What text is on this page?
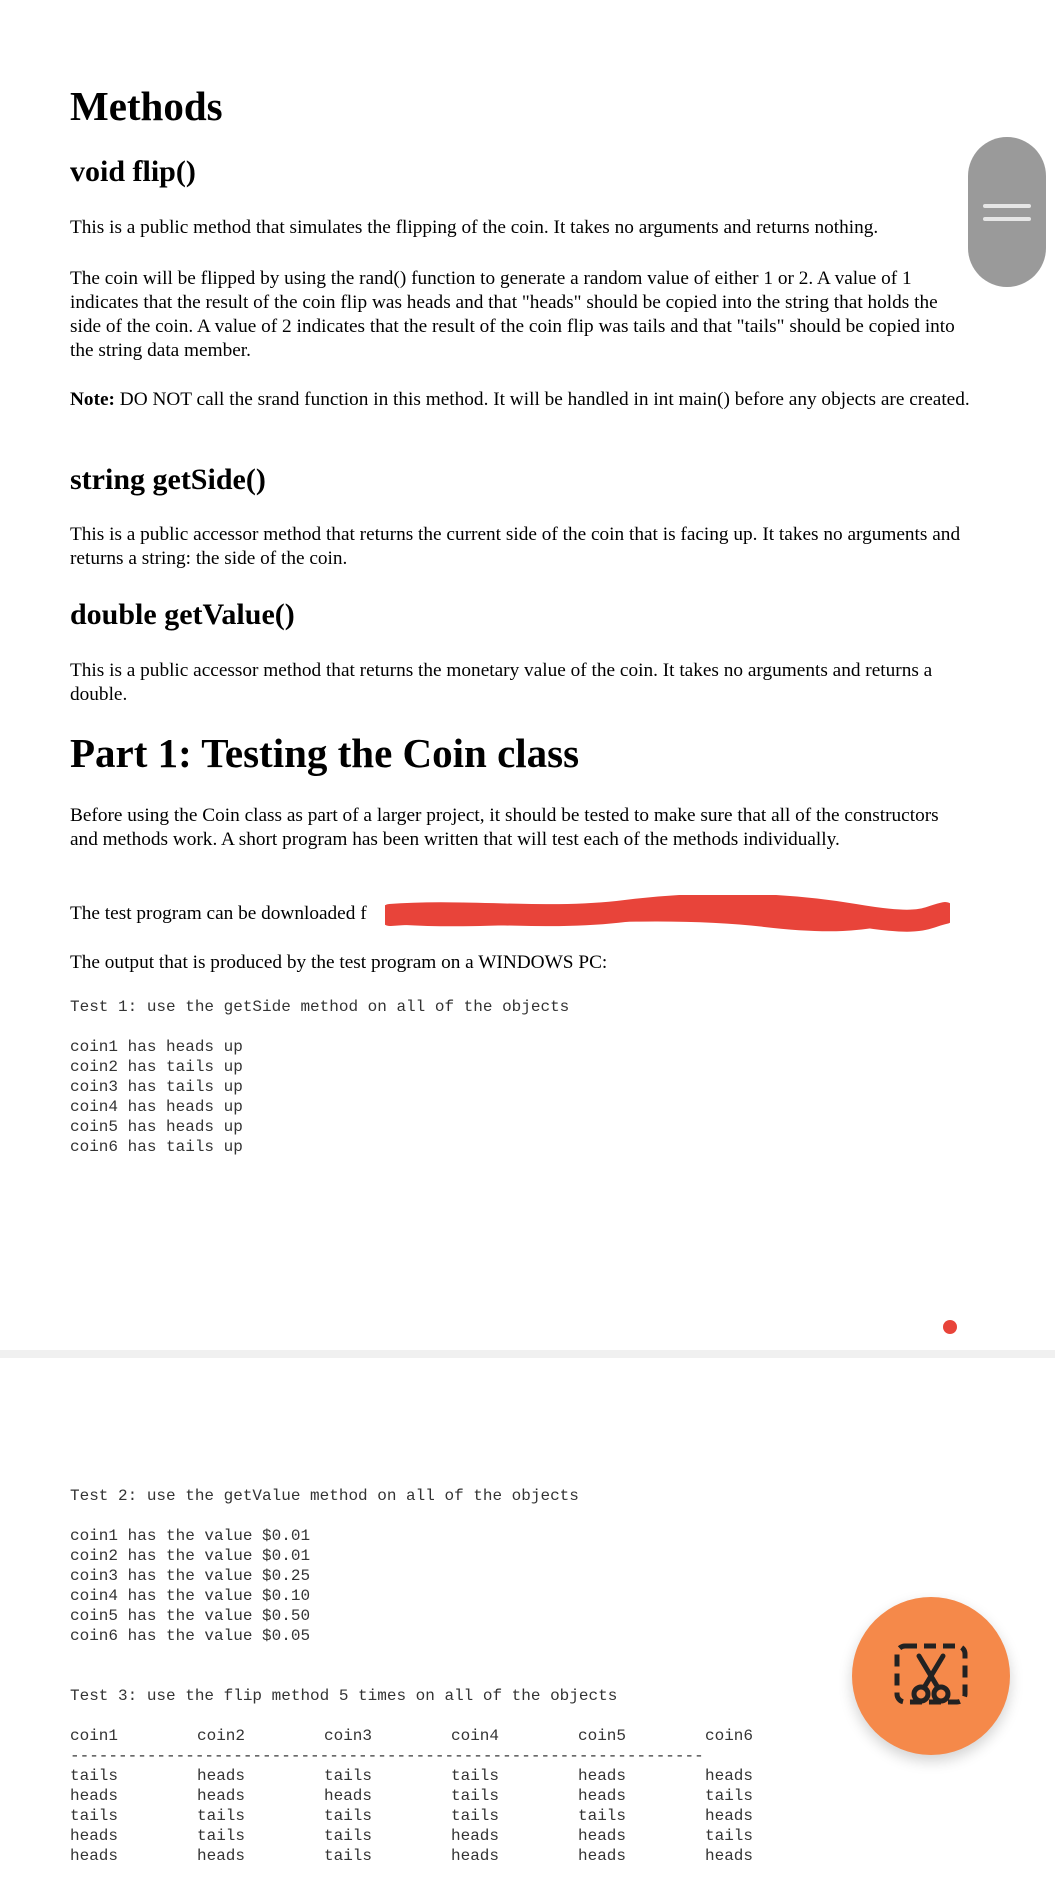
Methods
void flip()

This is a public method that simulates the flipping of the coin. It takes no arguments and returns nothing.

The coin will be flipped by using the rand() function to generate a random value of either 1 or 2. A value of 1 indicates that the result of the coin flip was heads and that "heads" should be copied into the string that holds the side of the coin. A value of 2 indicates that the result of the coin flip was tails and that "tails" should be copied into the string data member.

Note: DO NOT call the srand function in this method. It will be handled in int main() before any objects are created.

string getSide()

This is a public accessor method that returns the current side of the coin that is facing up. It takes no arguments and returns a string: the side of the coin.

double getValue()

This is a public accessor method that returns the monetary value of the coin. It takes no arguments and returns a double.

Part 1: Testing the Coin class

Before using the Coin class as part of a larger project, it should be tested to make sure that all of the constructors and methods work. A short program has been written that will test each of the methods individually.

The test program can be downloaded f

The output that is produced by the test program on a WINDOWS PC:

Test 1: use the getSide method on all of the objects
coin1 has heads up
coin2 has tails up
coin3 has tails up
coin4 has heads up
coin5 has heads up
coin6 has tails up
Test 2: use the getValue method on all of the objects
coin1 has the value $0.01
coin2 has the value $0.01
coin3 has the value $0.25
coin4 has the value $0.10
coin5 has the value $0.50
coin6 has the value $0.05
Test 3: use the flip method 5 times on all of the objects
coin1	coin2	coin3	coin4	coin5	coin6
------------------------------------------------------------------
tails	heads	tails	tails	heads	heads
heads	heads	heads	tails	heads	tails
tails	tails	tails	tails	tails	heads
heads	tails	tails	heads	heads	tails
heads	heads	tails	heads	heads	heads
